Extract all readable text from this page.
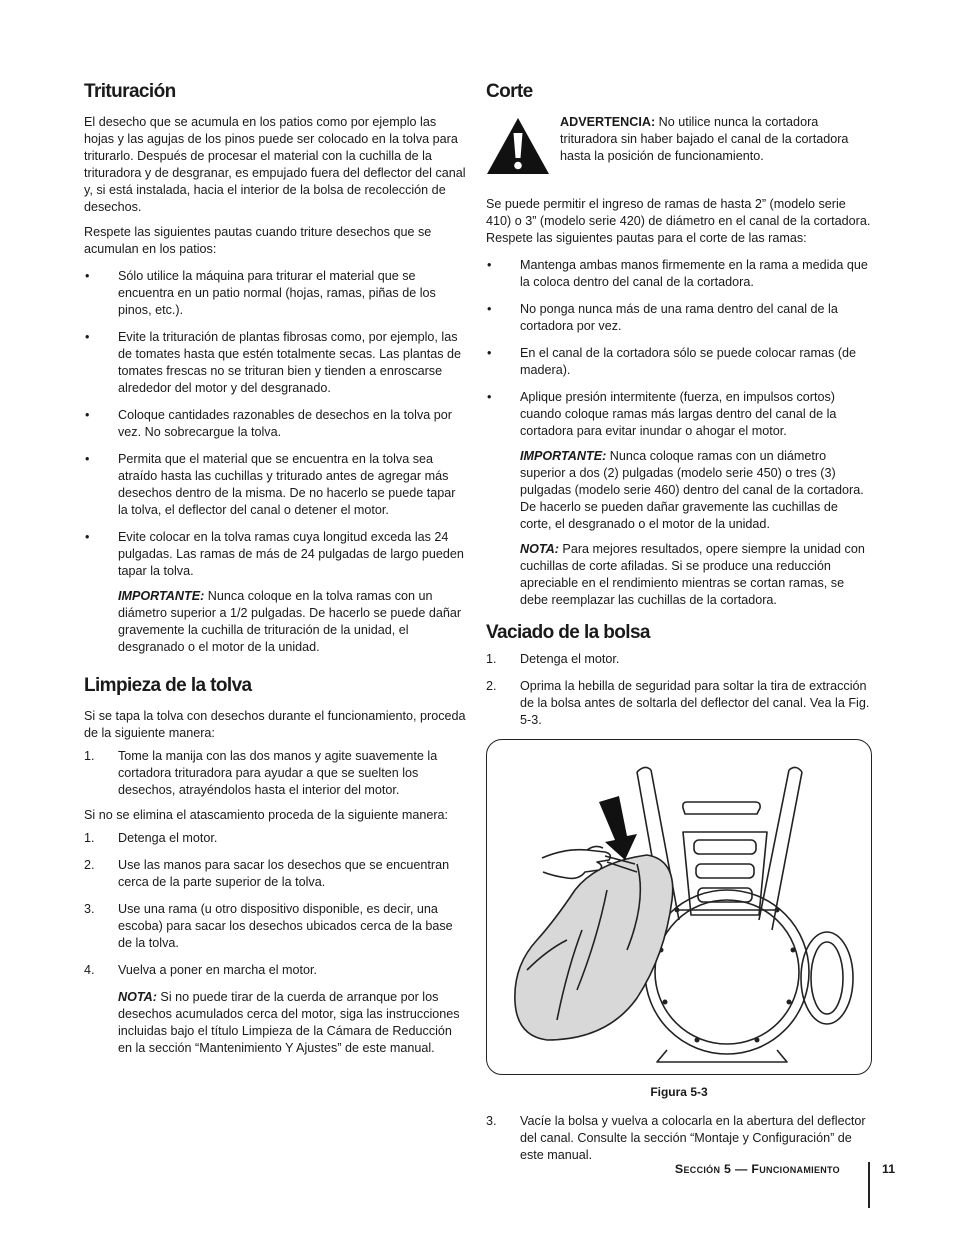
Trituración

El desecho que se acumula en los patios como por ejemplo las hojas y las agujas de los pinos puede ser colocado en la tolva para triturarlo. Después de procesar el material con la cuchilla de la trituradora y de desgranar, es empujado fuera del deflector del canal y, si está instalada, hacia el interior de la bolsa de recolección de desechos.

Respete las siguientes pautas cuando triture desechos que se acumulan en los patios:

•	Sólo utilice la máquina para triturar el material que se encuentra en un patio normal (hojas, ramas, piñas de los pinos, etc.).
•	Evite la trituración de plantas fibrosas como, por ejemplo, las de tomates hasta que estén totalmente secas. Las plantas de tomates frescas no se trituran bien y tienden a enroscarse alrededor del motor y del desgranado.
•	Coloque cantidades razonables de desechos en la tolva por vez. No sobrecargue la tolva.
•	Permita que el material que se encuentra en la tolva sea atraído hasta las cuchillas y triturado antes de agregar más desechos dentro de la misma. De no hacerlo se puede tapar la tolva, el deflector del canal o detener el motor.
•	Evite colocar en la tolva ramas cuya longitud exceda las 24 pulgadas. Las ramas de más de 24 pulgadas de largo pueden tapar la tolva.
IMPORTANTE: Nunca coloque en la tolva ramas con un diámetro superior a 1/2 pulgadas. De hacerlo se puede dañar gravemente la cuchilla de trituración de la unidad, el desgranado o el motor de la unidad.
Limpieza de la tolva

Si se tapa la tolva con desechos durante el funcionamiento, proceda de la siguiente manera:

1.	Tome la manija con las dos manos y agite suavemente la cortadora trituradora para ayudar a que se suelten los desechos, atrayéndolos hasta el interior del motor.

Si no se elimina el atascamiento proceda de la siguiente manera:

1.	Detenga el motor.
2.	Use las manos para sacar los desechos que se encuentran cerca de la parte superior de la tolva.
3.	Use una rama (u otro dispositivo disponible, es decir, una escoba) para sacar los desechos ubicados cerca de la base de la tolva.
4.	Vuelva a poner en marcha el motor.
NOTA: Si no puede tirar de la cuerda de arranque por los desechos acumulados cerca del motor, siga las instrucciones incluidas bajo el título Limpieza de la Cámara de Reducción en la sección “Mantenimiento Y Ajustes” de este manual.
Corte

ADVERTENCIA: No utilice nunca la cortadora trituradora sin haber bajado el canal de la cortadora hasta la posición de funcionamiento.

Se puede permitir el ingreso de ramas de hasta 2” (modelo serie 410) o 3” (modelo serie 420) de diámetro en el canal de la cortadora. Respete las siguientes pautas para el corte de las ramas:

•	Mantenga ambas manos firmemente en la rama a medida que la coloca dentro del canal de la cortadora.
•	No ponga nunca más de una rama dentro del canal de la cortadora por vez.
•	En el canal de la cortadora sólo se puede colocar ramas (de madera).
•	Aplique presión intermitente (fuerza, en impulsos cortos) cuando coloque ramas más largas dentro del canal de la cortadora para evitar inundar o ahogar el motor.
IMPORTANTE: Nunca coloque ramas con un diámetro superior a dos (2) pulgadas (modelo serie 450) o tres (3) pulgadas (modelo serie 460) dentro del canal de la cortadora. De hacerlo se pueden dañar gravemente las cuchillas de corte, el desgranado o el motor de la unidad.
NOTA: Para mejores resultados, opere siempre la unidad con cuchillas de corte afiladas. Si se produce una reducción apreciable en el rendimiento mientras se cortan ramas, se debe reemplazar las cuchillas de la cortadora.
Vaciado de la bolsa
1.	Detenga el motor.
2.	Oprima la hebilla de seguridad para soltar la tira de extracción de la bolsa antes de soltarla del deflector del canal. Vea la Fig. 5-3.
Figura 5-3
3.	Vacíe la bolsa y vuelva a colocarla en la abertura del deflector del canal. Consulte la sección “Montaje y Configuración” de este manual.
Sección 5 — Funcionamiento	11
